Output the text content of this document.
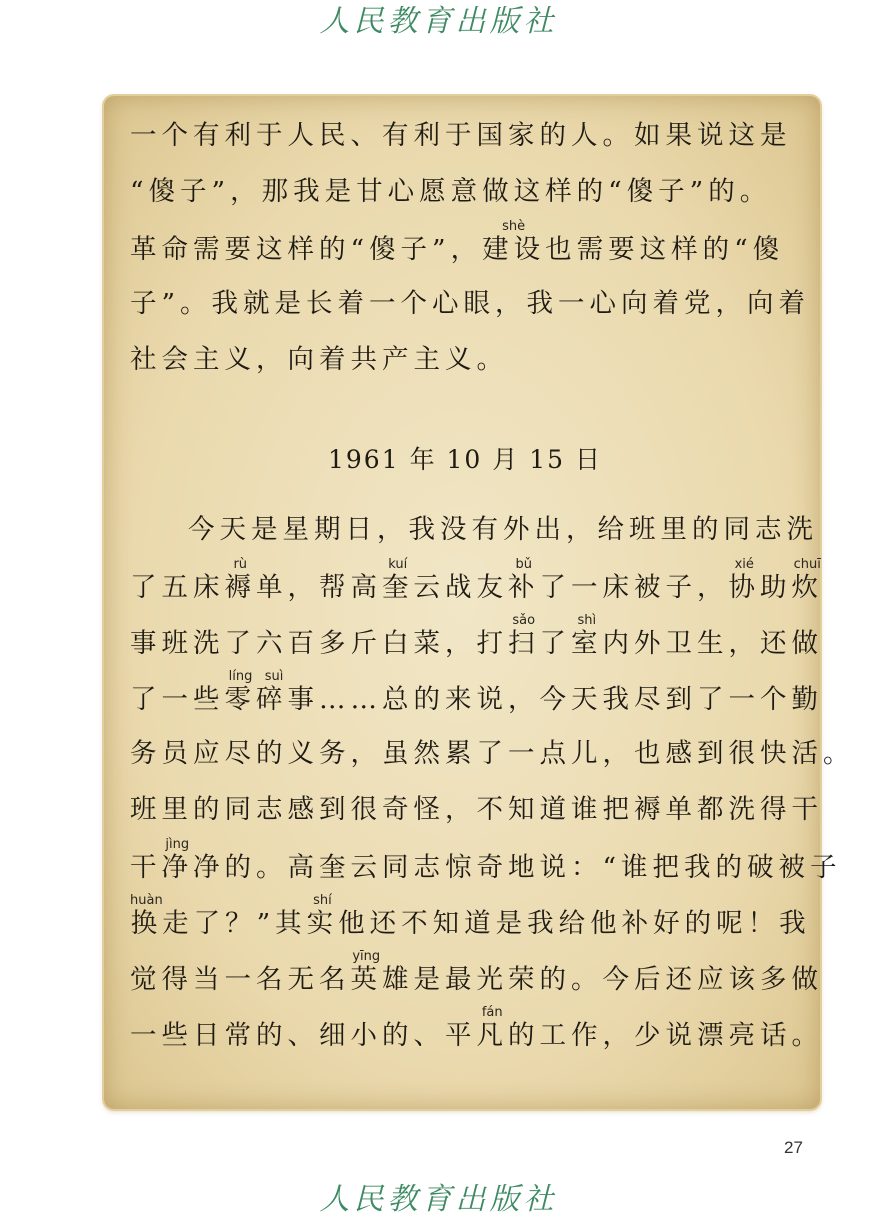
人民教育出版社
一个有利于人民、有利于国家的人。如果说这是
“傻子”，那我是甘心愿意做这样的“傻子”的。
革命需要这样的“傻子”，建设shè也需要这样的“傻
子”。我就是长着一个心眼，我一心向着党，向着
社会主义，向着共产主义。
1961 年 10 月 15 日
今天是星期日，我没有外出，给班里的同志洗
了五床褥rù单，帮高奎kuí云战友补bǔ了一床被子，协xié助炊chuī
事班洗了六百多斤白菜，打扫sǎo了室shì内外卫生，还做
了一些零碎líng suì事……总的来说，今天我尽到了一个勤
务员应尽的义务，虽然累了一点儿，也感到很快活。
班里的同志感到很奇怪，不知道谁把褥单都洗得干
干净jìng净的。高奎云同志惊奇地说：“谁把我的破被子
换huàn走了？”其实shí他还不知道是我给他补好的呢！我
觉得当一名无名英yīng雄是最光荣的。今后还应该多做
一些日常的、细小的、平凡fán的工作，少说漂亮话。
27
人民教育出版社
